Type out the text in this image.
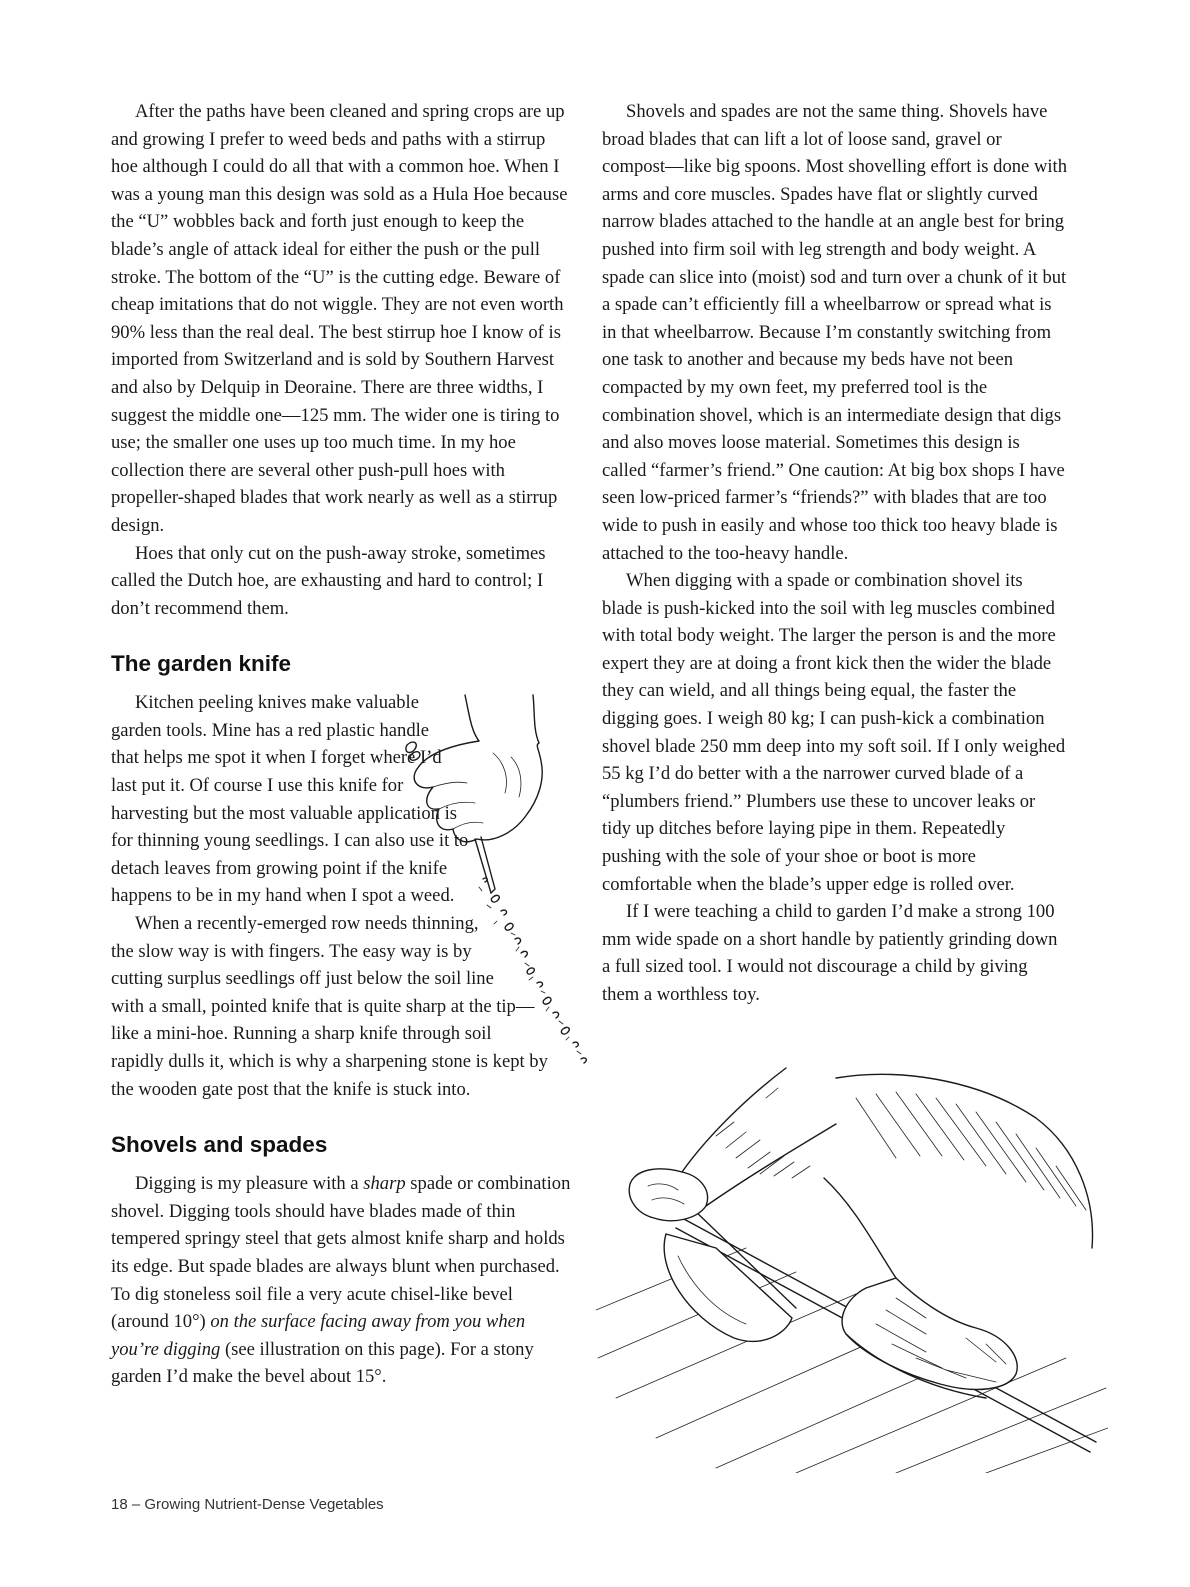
After the paths have been cleaned and spring crops are up and growing I prefer to weed beds and paths with a stirrup hoe although I could do all that with a common hoe. When I was a young man this design was sold as a Hula Hoe because the “U” wobbles back and forth just enough to keep the blade’s angle of attack ideal for either the push or the pull stroke. The bottom of the “U” is the cutting edge. Beware of cheap imitations that do not wiggle. They are not even worth 90% less than the real deal. The best stirrup hoe I know of is imported from Switzerland and is sold by Southern Harvest and also by Delquip in Deoraine. There are three widths, I suggest the middle one—125 mm. The wider one is tiring to use; the smaller one uses up too much time. In my hoe collection there are several other push-pull hoes with propeller-shaped blades that work nearly as well as a stirrup design.

Hoes that only cut on the push-away stroke, sometimes called the Dutch hoe, are exhausting and hard to control; I don’t recommend them.

The garden knife

Kitchen peeling knives make valuable garden tools. Mine has a red plastic handle that helps me spot it when I forget where I’d last put it. Of course I use this knife for harvesting but the most valuable application is for thinning young seedlings. I can also use it to detach leaves from growing point if the knife happens to be in my hand when I spot a weed.

When a recently-emerged row needs thinning, the slow way is with fingers. The easy way is by cutting surplus seedlings off just below the soil line with a small, pointed knife that is quite sharp at the tip—like a mini-hoe. Running a sharp knife through soil rapidly dulls it, which is why a sharpening stone is kept by the wooden gate post that the knife is stuck into.

Shovels and spades

Digging is my pleasure with a sharp spade or combination shovel. Digging tools should have blades made of thin tempered springy steel that gets almost knife sharp and holds its edge. But spade blades are always blunt when purchased. To dig stoneless soil file a very acute chisel-like bevel (around 10°) on the surface facing away from you when you’re digging (see illustration on this page). For a stony garden I’d make the bevel about 15°.

Shovels and spades are not the same thing. Shovels have broad blades that can lift a lot of loose sand, gravel or compost—like big spoons. Most shovelling effort is done with arms and core muscles. Spades have flat or slightly curved narrow blades attached to the handle at an angle best for bring pushed into firm soil with leg strength and body weight. A spade can slice into (moist) sod and turn over a chunk of it but a spade can’t efficiently fill a wheelbarrow or spread what is in that wheelbarrow. Because I’m constantly switching from one task to another and because my beds have not been compacted by my own feet, my preferred tool is the combination shovel, which is an intermediate design that digs and also moves loose material. Sometimes this design is called “farmer’s friend.” One caution: At big box shops I have seen low-priced farmer’s “friends?” with blades that are too wide to push in easily and whose too thick too heavy blade is attached to the too-heavy handle.

When digging with a spade or combination shovel its blade is push-kicked into the soil with leg muscles combined with total body weight. The larger the person is and the more expert they are at doing a front kick then the wider the blade they can wield, and all things being equal, the faster the digging goes. I weigh 80 kg; I can push-kick a combination shovel blade 250 mm deep into my soft soil. If I only weighed 55 kg I’d do better with a the narrower curved blade of a “plumbers friend.” Plumbers use these to uncover leaks or tidy up ditches before laying pipe in them. Repeatedly pushing with the sole of your shoe or boot is more comfortable when the blade’s upper edge is rolled over.

If I were teaching a child to garden I’d make a strong 100 mm wide spade on a short handle by patiently grinding down a full sized tool. I would not discourage a child by giving them a worthless toy.

18 – Growing Nutrient-Dense Vegetables
